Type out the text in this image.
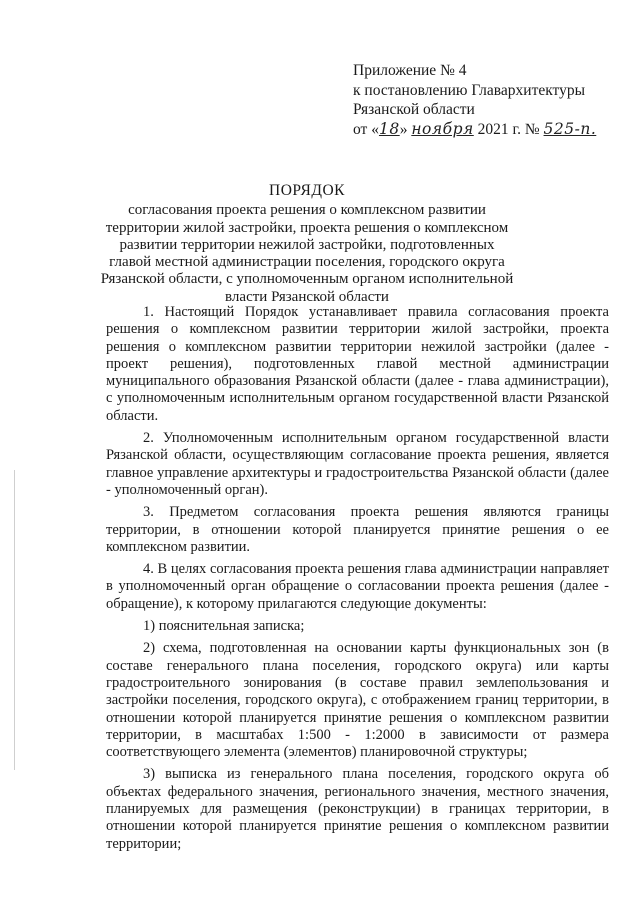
Приложение № 4
к постановлению Главархитектуры
Рязанской области
от «18» ноября 2021 г. № 525-п.
ПОРЯДОК
согласования проекта решения о комплексном развитии территории жилой застройки, проекта решения о комплексном развитии территории нежилой застройки, подготовленных главой местной администрации поселения, городского округа Рязанской области, с уполномоченным органом исполнительной власти Рязанской области

1. Настоящий Порядок устанавливает правила согласования проекта решения о комплексном развитии территории жилой застройки, проекта решения о комплексном развитии территории нежилой застройки (далее - проект решения), подготовленных главой местной администрации муниципального образования Рязанской области (далее - глава администрации), с уполномоченным исполнительным органом государственной власти Рязанской области.

2. Уполномоченным исполнительным органом государственной власти Рязанской области, осуществляющим согласование проекта решения, является главное управление архитектуры и градостроительства Рязанской области (далее - уполномоченный орган).

3. Предметом согласования проекта решения являются границы территории, в отношении которой планируется принятие решения о ее комплексном развитии.

4. В целях согласования проекта решения глава администрации направляет в уполномоченный орган обращение о согласовании проекта решения (далее - обращение), к которому прилагаются следующие документы:

1) пояснительная записка;

2) схема, подготовленная на основании карты функциональных зон (в составе генерального плана поселения, городского округа) или карты градостроительного зонирования (в составе правил землепользования и застройки поселения, городского округа), с отображением границ территории, в отношении которой планируется принятие решения о комплексном развитии территории, в масштабах 1:500 - 1:2000 в зависимости от размера соответствующего элемента (элементов) планировочной структуры;

3) выписка из генерального плана поселения, городского округа об объектах федерального значения, регионального значения, местного значения, планируемых для размещения (реконструкции) в границах территории, в отношении которой планируется принятие решения о комплексном развитии территории;
